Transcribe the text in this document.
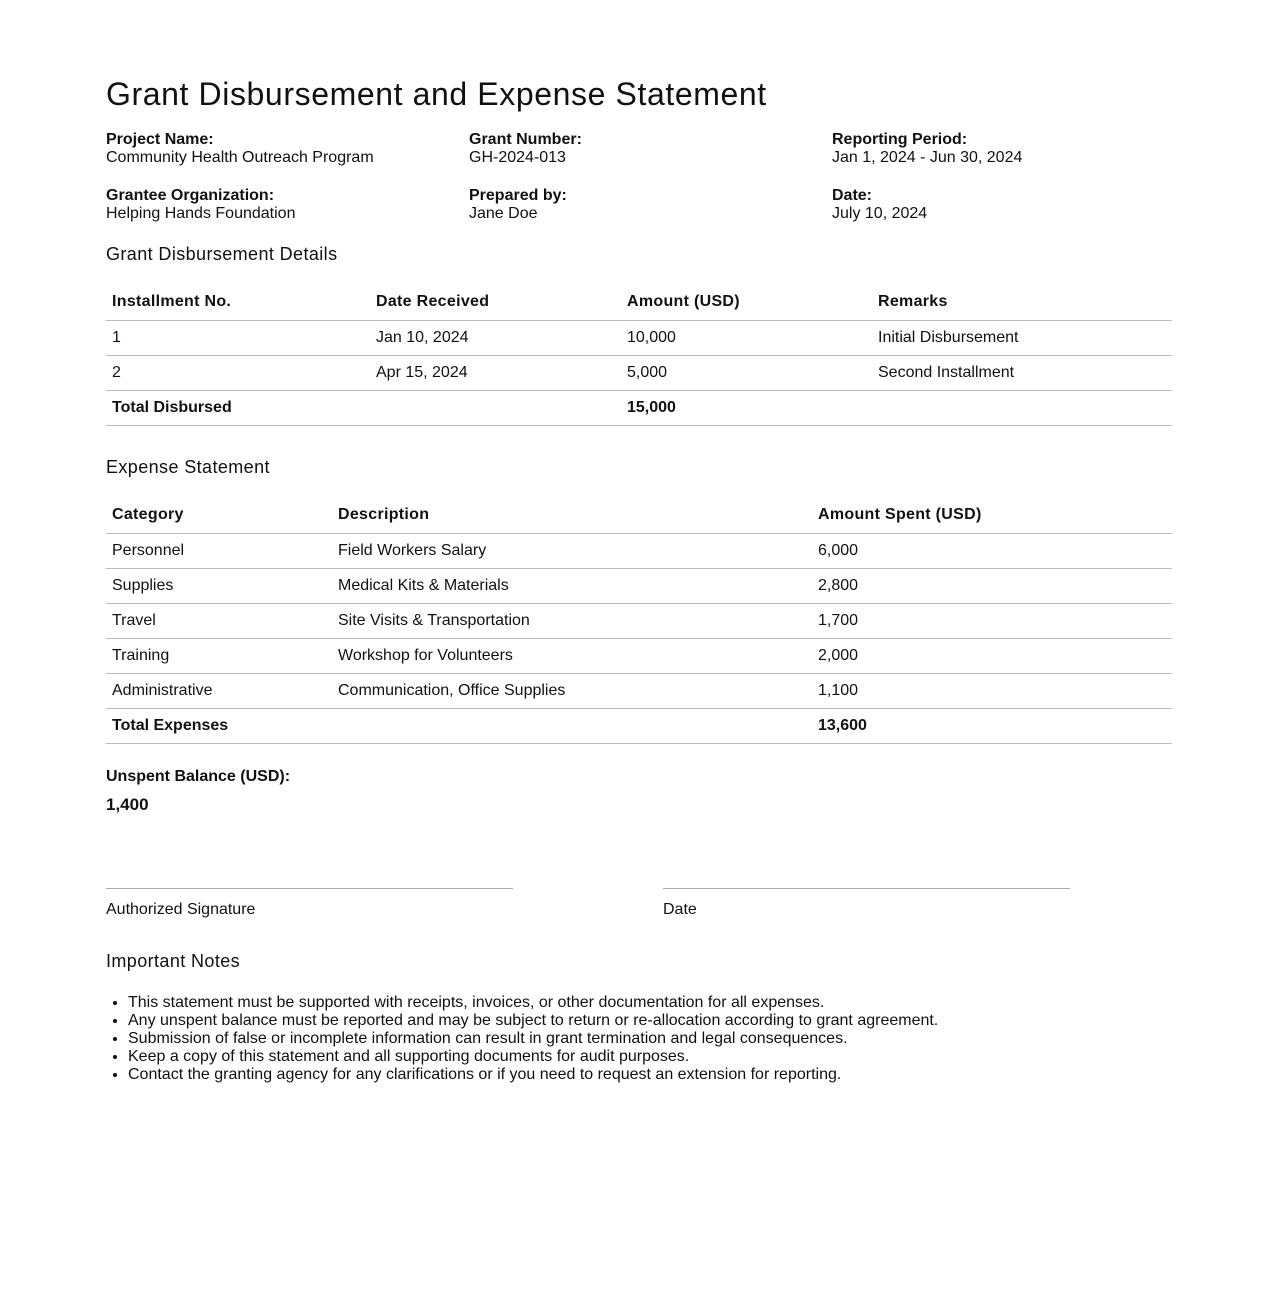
Grant Disbursement and Expense Statement
Project Name:
Community Health Outreach Program
Grant Number:
GH-2024-013
Reporting Period:
Jan 1, 2024 - Jun 30, 2024
Grantee Organization:
Helping Hands Foundation
Prepared by:
Jane Doe
Date:
July 10, 2024
Grant Disbursement Details
Installment No.	Date Received	Amount (USD)	Remarks
1	Jan 10, 2024	10,000	Initial Disbursement
2	Apr 15, 2024	5,000	Second Installment
Total Disbursed		15,000	
Expense Statement
Category	Description	Amount Spent (USD)
Personnel	Field Workers Salary	6,000
Supplies	Medical Kits & Materials	2,800
Travel	Site Visits & Transportation	1,700
Training	Workshop for Volunteers	2,000
Administrative	Communication, Office Supplies	1,100
Total Expenses		13,600
Unspent Balance (USD):
1,400
Authorized Signature	Date
Important Notes
• This statement must be supported with receipts, invoices, or other documentation for all expenses.
• Any unspent balance must be reported and may be subject to return or re-allocation according to grant agreement.
• Submission of false or incomplete information can result in grant termination and legal consequences.
• Keep a copy of this statement and all supporting documents for audit purposes.
• Contact the granting agency for any clarifications or if you need to request an extension for reporting.
